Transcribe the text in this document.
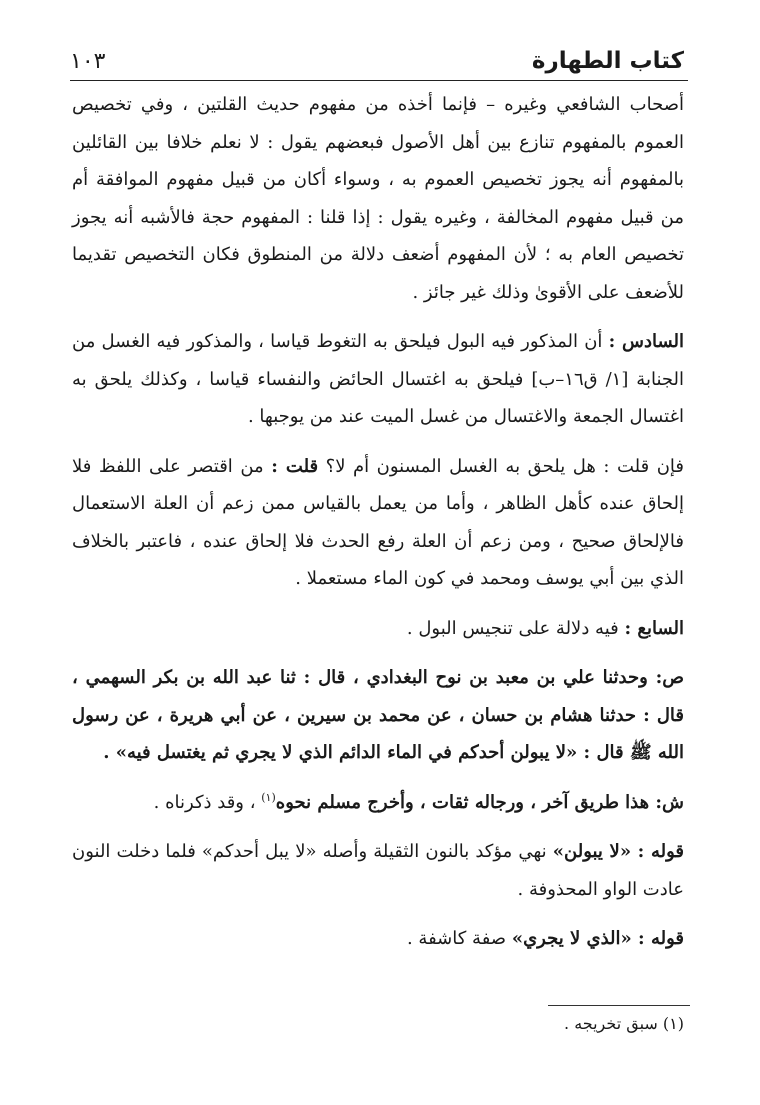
كتاب الطهارة
١٠٣

أصحاب الشافعي وغيره – فإنما أخذه من مفهوم حديث القلتين ، وفي تخصيص العموم بالمفهوم تنازع بين أهل الأصول فبعضهم يقول : لا نعلم خلافا بين القائلين بالمفهوم أنه يجوز تخصيص العموم به ، وسواء أكان من قبيل مفهوم الموافقة أم من قبيل مفهوم المخالفة ، وغيره يقول : إذا قلنا : المفهوم حجة فالأشبه أنه يجوز تخصيص العام به ؛ لأن المفهوم أضعف دلالة من المنطوق فكان التخصيص تقديما للأضعف على الأقوىٰ وذلك غير جائز .

السادس : أن المذكور فيه البول فيلحق به التغوط قياسا ، والمذكور فيه الغسل من الجنابة [١/ ق١٦–ب] فيلحق به اغتسال الحائض والنفساء قياسا ، وكذلك يلحق به اغتسال الجمعة والاغتسال من غسل الميت عند من يوجبها .

فإن قلت : هل يلحق به الغسل المسنون أم لا؟ قلت : من اقتصر على اللفظ فلا إلحاق عنده كأهل الظاهر ، وأما من يعمل بالقياس ممن زعم أن العلة الاستعمال فالإلحاق صحيح ، ومن زعم أن العلة رفع الحدث فلا إلحاق عنده ، فاعتبر بالخلاف الذي بين أبي يوسف ومحمد في كون الماء مستعملا .

السابع : فيه دلالة على تنجيس البول .

ص: وحدثنا علي بن معبد بن نوح البغدادي ، قال : ثنا عبد الله بن بكر السهمي ، قال : حدثنا هشام بن حسان ، عن محمد بن سيرين ، عن أبي هريرة ، عن رسول الله ﷺ قال : «لا يبولن أحدكم في الماء الدائم الذي لا يجري ثم يغتسل فيه» .

ش: هذا طريق آخر ، ورجاله ثقات ، وأخرج مسلم نحوه$^{(١)}$ ، وقد ذكرناه .

قوله : «لا يبولن» نهي مؤكد بالنون الثقيلة وأصله «لا يبل أحدكم» فلما دخلت النون عادت الواو المحذوفة .

قوله : «الذي لا يجري» صفة كاشفة .

(١) سبق تخريجه .
